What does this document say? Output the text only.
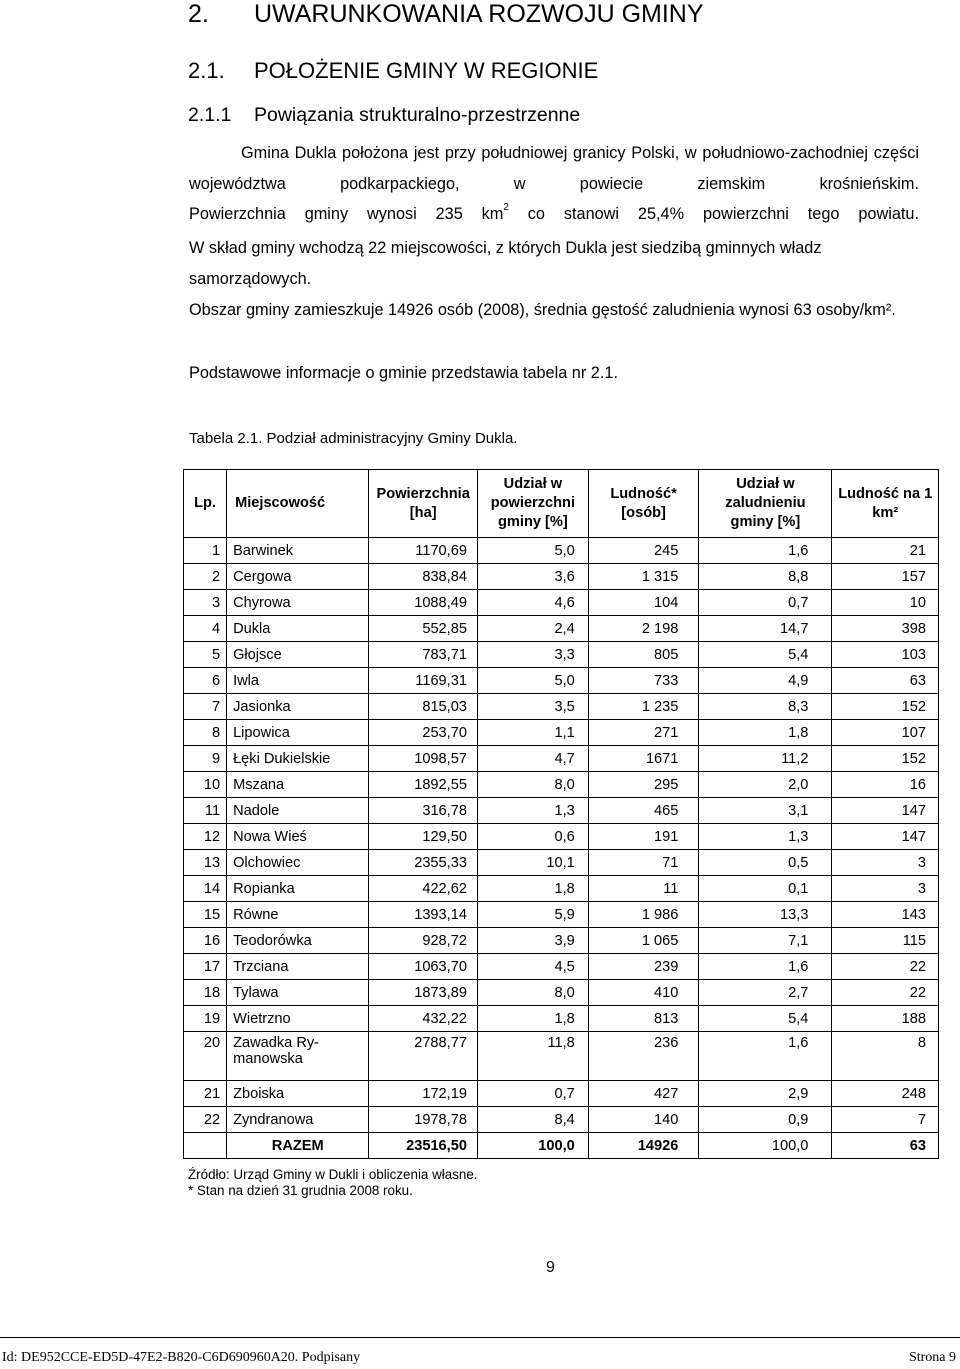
2. UWARUNKOWANIA ROZWOJU GMINY
2.1. POŁOŻENIE GMINY W REGIONIE
2.1.1 Powiązania strukturalno-przestrzenne
Gmina Dukla położona jest przy południowej granicy Polski, w południowo-zachodniej części województwa podkarpackiego, w powiecie ziemskim krośnieńskim.
Powierzchnia gminy wynosi 235 $km^2$ co stanowi 25,4% powierzchni tego powiatu.
W skład gminy wchodzą 22 miejscowości, z których Dukla jest siedzibą gminnych władz samorządowych.
Obszar gminy zamieszkuje 14926 osób (2008), średnia gęstość zaludnienia wynosi 63 osoby/km².
Podstawowe informacje o gminie przedstawia tabela nr 2.1.
Tabela 2.1. Podział administracyjny Gminy Dukla.
Lp.	Miejscowość	Powierzchnia [ha]	Udział w powierzchni gminy [%]	Ludność* [osób]	Udział w zaludnieniu gminy [%]	Ludność na 1 km²
1	Barwinek	1170,69	5,0	245	1,6	21
2	Cergowa	838,84	3,6	1 315	8,8	157
3	Chyrowa	1088,49	4,6	104	0,7	10
4	Dukla	552,85	2,4	2 198	14,7	398
5	Głojsce	783,71	3,3	805	5,4	103
6	Iwla	1169,31	5,0	733	4,9	63
7	Jasionka	815,03	3,5	1 235	8,3	152
8	Lipowica	253,70	1,1	271	1,8	107
9	Łęki Dukielskie	1098,57	4,7	1671	11,2	152
10	Mszana	1892,55	8,0	295	2,0	16
11	Nadole	316,78	1,3	465	3,1	147
12	Nowa Wieś	129,50	0,6	191	1,3	147
13	Olchowiec	2355,33	10,1	71	0,5	3
14	Ropianka	422,62	1,8	11	0,1	3
15	Równe	1393,14	5,9	1 986	13,3	143
16	Teodorówka	928,72	3,9	1 065	7,1	115
17	Trzciana	1063,70	4,5	239	1,6	22
18	Tylawa	1873,89	8,0	410	2,7	22
19	Wietrzno	432,22	1,8	813	5,4	188
20	Zawadka Ry-manowska	2788,77	11,8	236	1,6	8
21	Zboiska	172,19	0,7	427	2,9	248
22	Zyndranowa	1978,78	8,4	140	0,9	7
	RAZEM	23516,50	100,0	14926	100,0	63
Źródło: Urząd Gminy w Dukli i obliczenia własne.
* Stan na dzień 31 grudnia 2008 roku.
9
Id: DE952CCE-ED5D-47E2-B820-C6D690960A20. Podpisany	Strona 9
